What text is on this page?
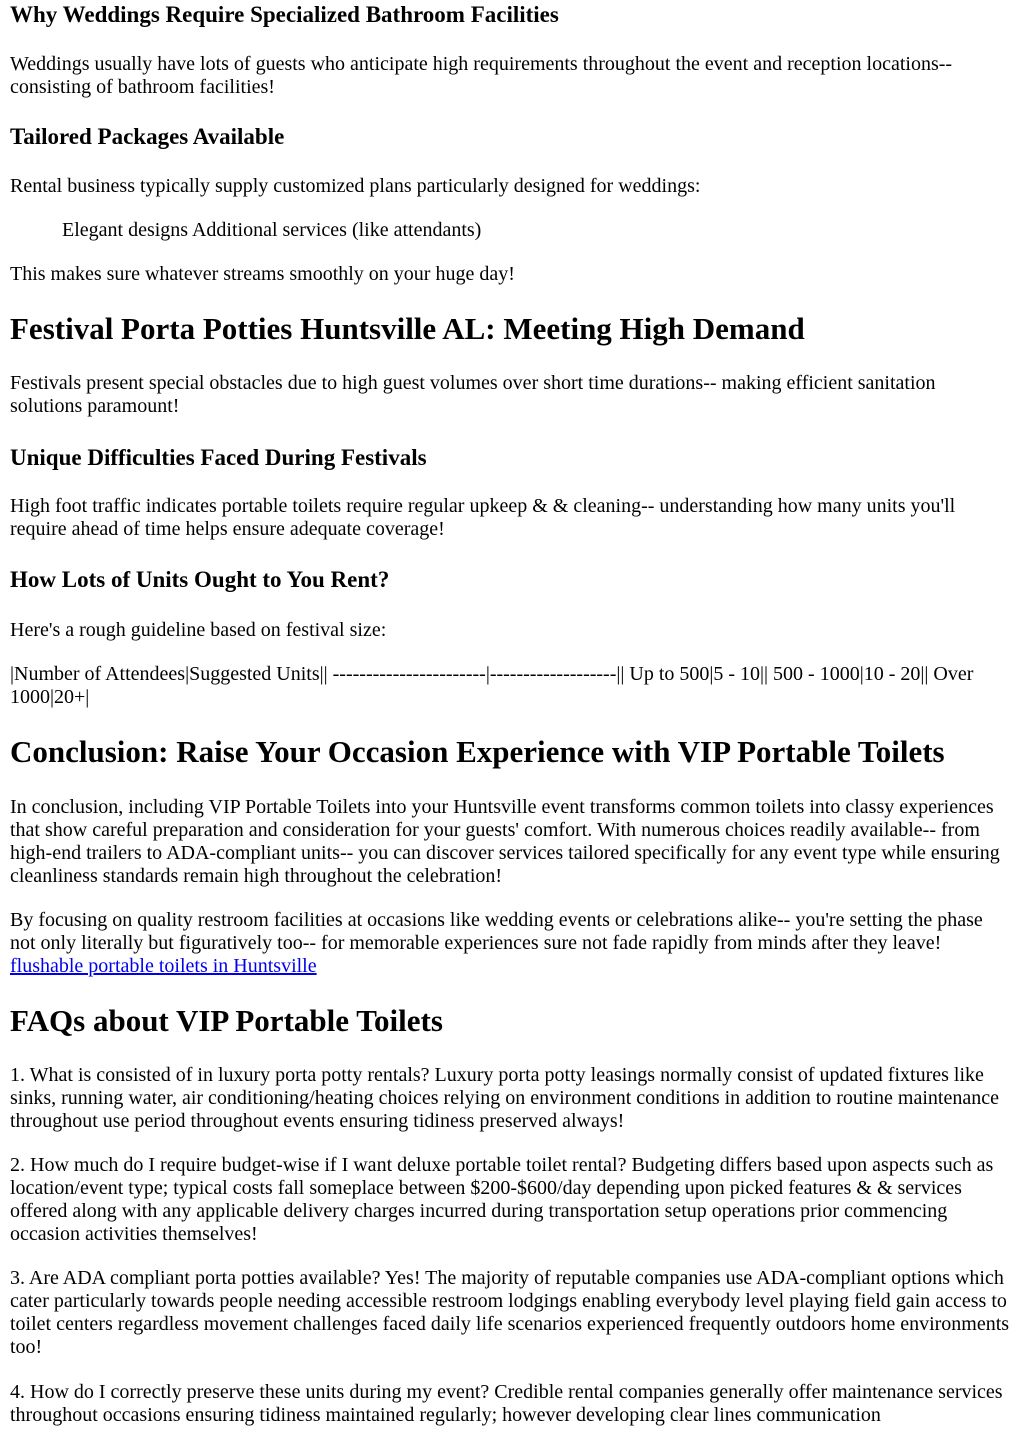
Why Weddings Require Specialized Bathroom Facilities

Weddings usually have lots of guests who anticipate high requirements throughout the event and reception locations-- consisting of bathroom facilities!

Tailored Packages Available

Rental business typically supply customized plans particularly designed for weddings:

Elegant designs Additional services (like attendants)

This makes sure whatever streams smoothly on your huge day!

Festival Porta Potties Huntsville AL: Meeting High Demand

Festivals present special obstacles due to high guest volumes over short time durations-- making efficient sanitation solutions paramount!

Unique Difficulties Faced During Festivals

High foot traffic indicates portable toilets require regular upkeep & & cleaning-- understanding how many units you'll require ahead of time helps ensure adequate coverage!

How Lots of Units Ought to You Rent?

Here's a rough guideline based on festival size:

|Number of Attendees|Suggested Units|| -----------------------|-------------------|| Up to 500|5 - 10|| 500 - 1000|10 - 20|| Over 1000|20+|

Conclusion: Raise Your Occasion Experience with VIP Portable Toilets

In conclusion, including VIP Portable Toilets into your Huntsville event transforms common toilets into classy experiences that show careful preparation and consideration for your guests' comfort. With numerous choices readily available-- from high-end trailers to ADA-compliant units-- you can discover services tailored specifically for any event type while ensuring cleanliness standards remain high throughout the celebration!

By focusing on quality restroom facilities at occasions like wedding events or celebrations alike-- you're setting the phase not only literally but figuratively too-- for memorable experiences sure not fade rapidly from minds after they leave! flushable portable toilets in Huntsville

FAQs about VIP Portable Toilets

1. What is consisted of in luxury porta potty rentals? Luxury porta potty leasings normally consist of updated fixtures like sinks, running water, air conditioning/heating choices relying on environment conditions in addition to routine maintenance throughout use period throughout events ensuring tidiness preserved always!

2. How much do I require budget-wise if I want deluxe portable toilet rental? Budgeting differs based upon aspects such as location/event type; typical costs fall someplace between $200-$600/day depending upon picked features & & services offered along with any applicable delivery charges incurred during transportation setup operations prior commencing occasion activities themselves!

3. Are ADA compliant porta potties available? Yes! The majority of reputable companies use ADA-compliant options which cater particularly towards people needing accessible restroom lodgings enabling everybody level playing field gain access to toilet centers regardless movement challenges faced daily life scenarios experienced frequently outdoors home environments too!

4. How do I correctly preserve these units during my event? Credible rental companies generally offer maintenance services throughout occasions ensuring tidiness maintained regularly; however developing clear lines communication
